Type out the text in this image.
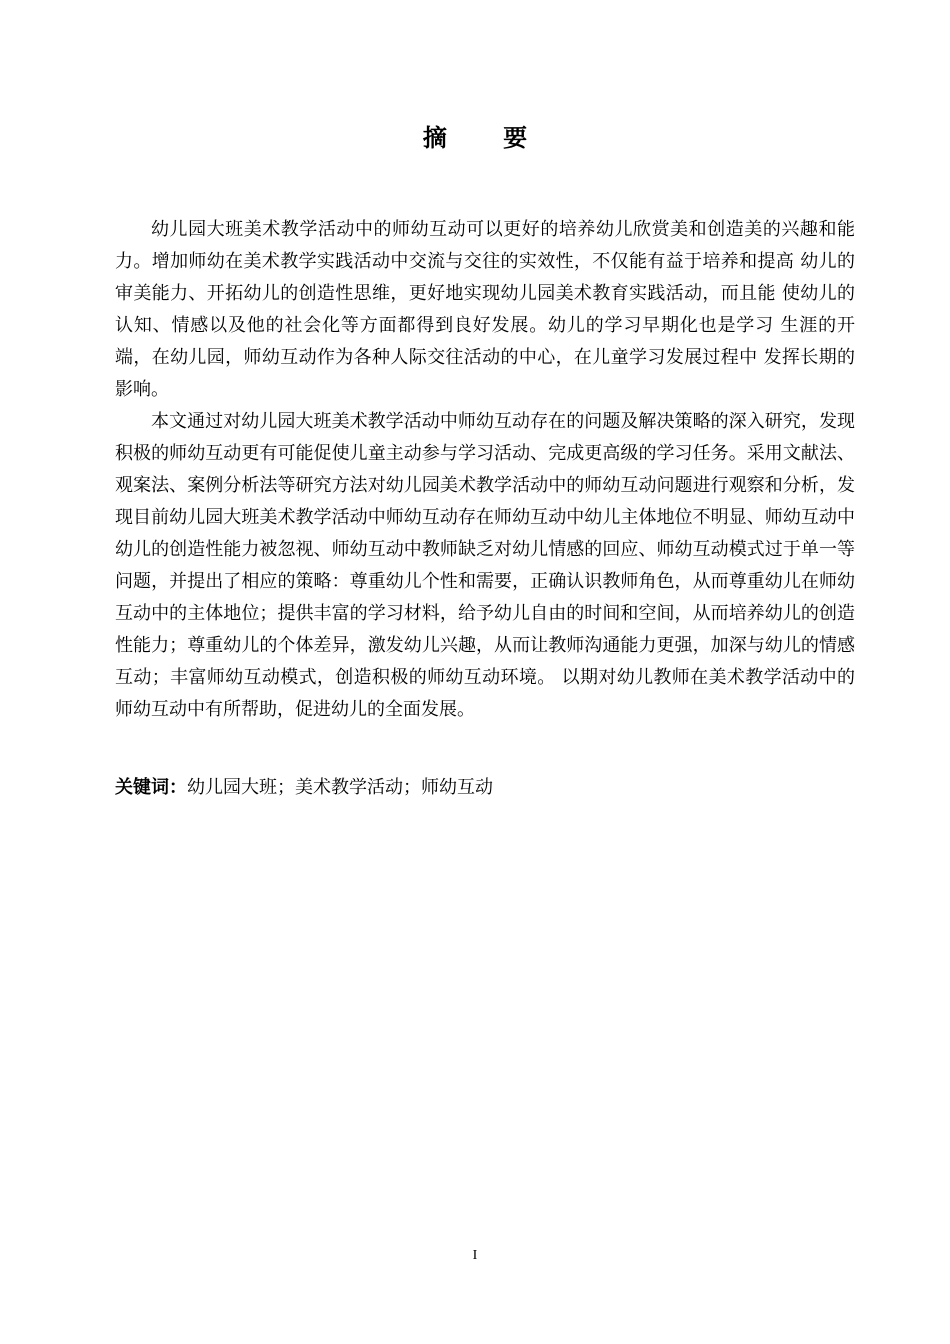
摘 要

幼儿园大班美术教学活动中的师幼互动可以更好的培养幼儿欣赏美和创造美的兴趣和能力。增加师幼在美术教学实践活动中交流与交往的实效性，不仅能有益于培养和提高 幼儿的审美能力、开拓幼儿的创造性思维，更好地实现幼儿园美术教育实践活动，而且能 使幼儿的认知、情感以及他的社会化等方面都得到良好发展。幼儿的学习早期化也是学习 生涯的开端，在幼儿园，师幼互动作为各种人际交往活动的中心，在儿童学习发展过程中 发挥长期的影响。

本文通过对幼儿园大班美术教学活动中师幼互动存在的问题及解决策略的深入研究，发现积极的师幼互动更有可能促使儿童主动参与学习活动、完成更高级的学习任务。采用文献法、观案法、案例分析法等研究方法对幼儿园美术教学活动中的师幼互动问题进行观察和分析，发现目前幼儿园大班美术教学活动中师幼互动存在师幼互动中幼儿主体地位不明显、师幼互动中幼儿的创造性能力被忽视、师幼互动中教师缺乏对幼儿情感的回应、师幼互动模式过于单一等问题，并提出了相应的策略：尊重幼儿个性和需要，正确认识教师角色，从而尊重幼儿在师幼互动中的主体地位；提供丰富的学习材料，给予幼儿自由的时间和空间，从而培养幼儿的创造性能力；尊重幼儿的个体差异，激发幼儿兴趣，从而让教师沟通能力更强，加深与幼儿的情感互动；丰富师幼互动模式，创造积极的师幼互动环境。 以期对幼儿教师在美术教学活动中的师幼互动中有所帮助，促进幼儿的全面发展。

关键词：幼儿园大班；美术教学活动；师幼互动
I
